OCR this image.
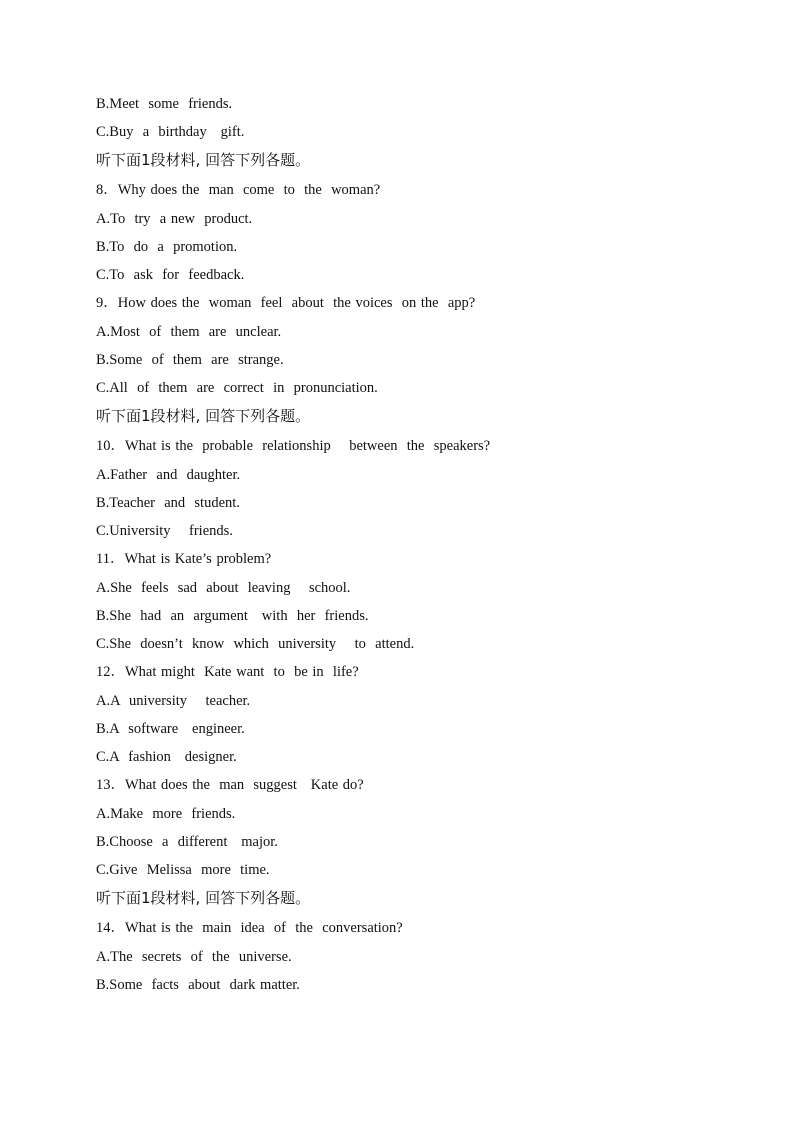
B.Meet  some  friends.
C.Buy  a  birthday   gift.
听下面1段材料, 回答下列各题。
8．Why does the  man  come  to  the  woman?
A.To  try  a new  product.
B.To  do  a  promotion.
C.To  ask  for  feedback.
9．How does the  woman  feel  about  the voices  on the  app?
A.Most  of  them  are  unclear.
B.Some  of  them  are  strange.
C.All  of  them  are  correct  in  pronunciation.
听下面1段材料, 回答下列各题。
10．What is the  probable  relationship    between  the  speakers?
A.Father  and  daughter.
B.Teacher  and  student.
C.University    friends.
11．What is Kate’s problem?
A.She  feels  sad  about  leaving    school.
B.She  had  an  argument   with  her  friends.
C.She  doesn’t  know  which  university    to  attend.
12．What might  Kate want  to  be in  life?
A.A  university    teacher.
B.A  software   engineer.
C.A  fashion   designer.
13．What does the  man  suggest   Kate do?
A.Make  more  friends.
B.Choose  a  different   major.
C.Give  Melissa  more  time.
听下面1段材料, 回答下列各题。
14．What is the  main  idea  of  the  conversation?
A.The  secrets  of  the  universe.
B.Some  facts  about  dark matter.
